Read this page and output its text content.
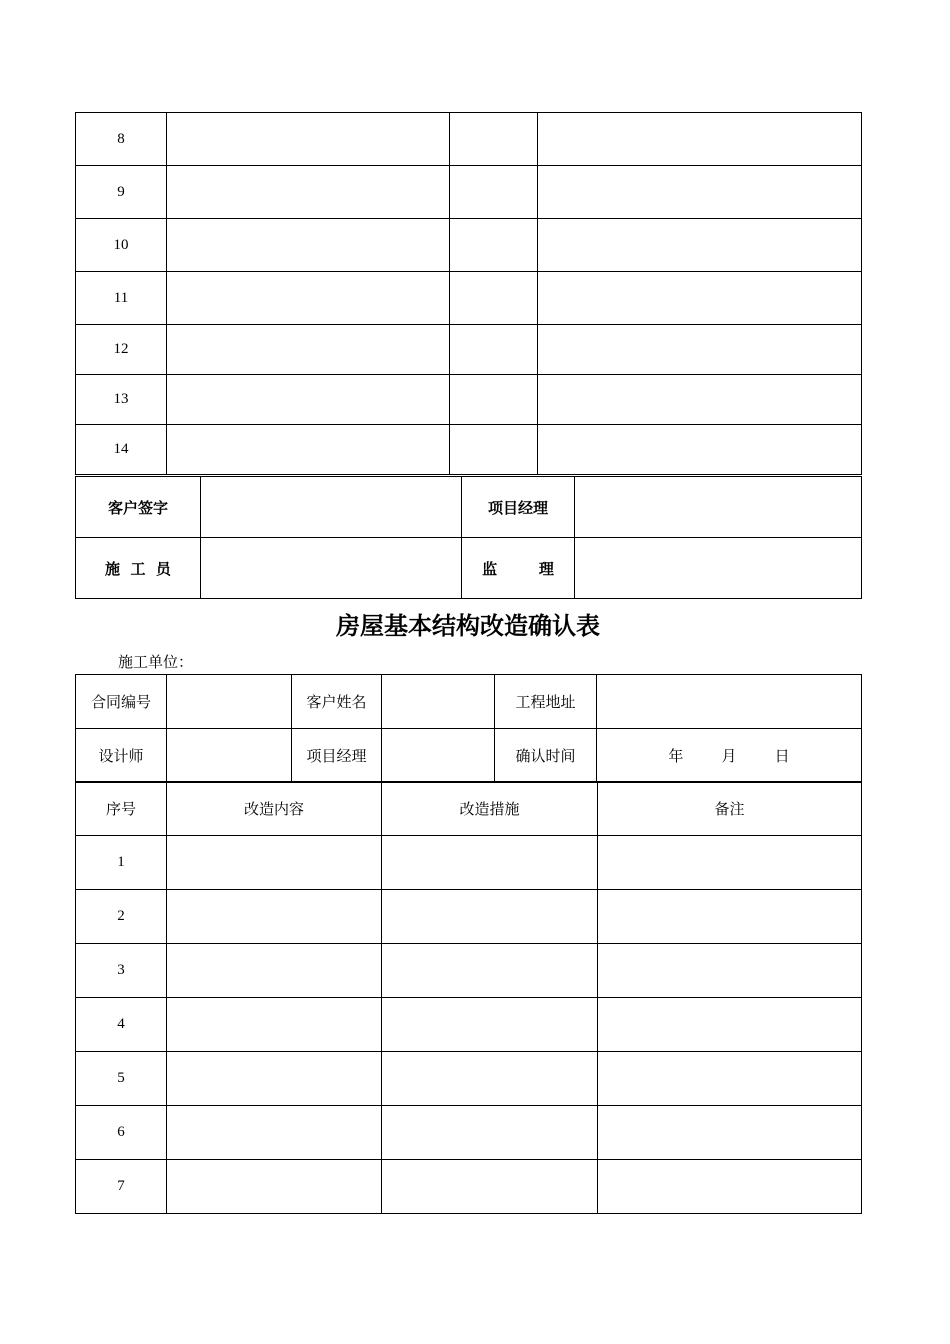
8			
9			
10			
11			
12			
13			
14			
客户签字		项目经理	
施  工  员		监        理	
房屋基本结构改造确认表
施工单位：
合同编号		客户姓名		工程地址	
设计师		项目经理		确认时间	年        月        日
序号	改造内容	改造措施	备注
1			
2			
3			
4			
5			
6			
7			
